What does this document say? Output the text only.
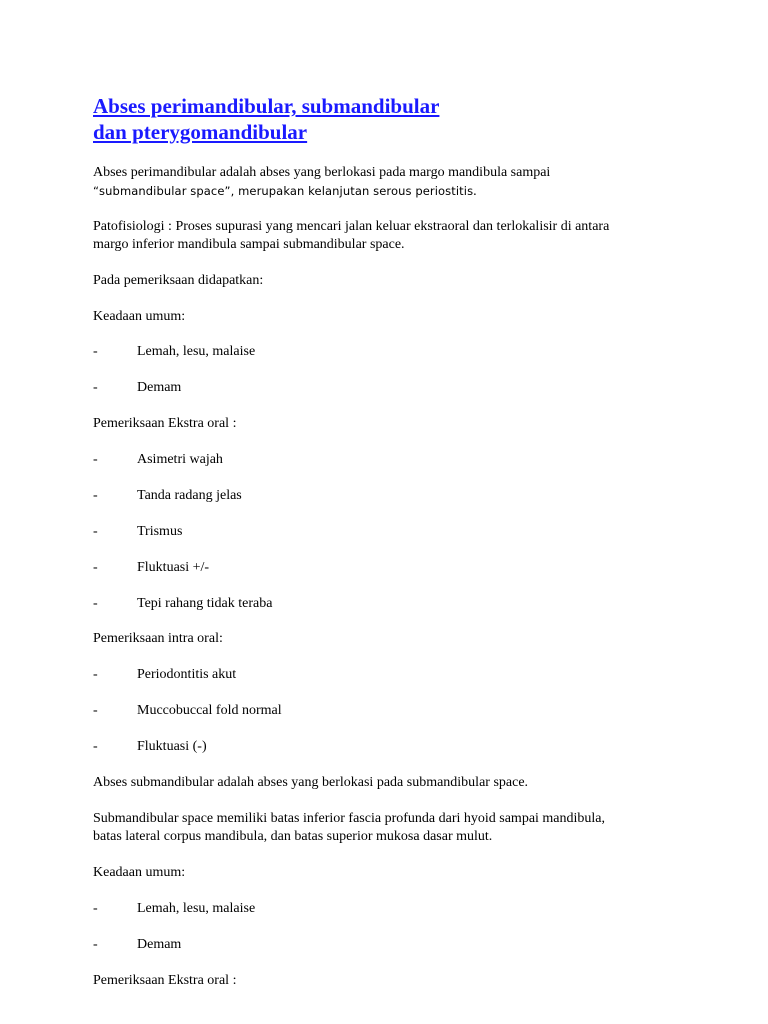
Abses perimandibular, submandibular
dan pterygomandibular

Abses perimandibular adalah abses yang berlokasi pada margo mandibula sampai
“submandibular space”, merupakan kelanjutan serous periostitis.

Patofisiologi : Proses supurasi yang mencari jalan keluar ekstraoral dan terlokalisir di antara
margo inferior mandibula sampai submandibular space.

Pada pemeriksaan didapatkan:

Keadaan umum:

-	Lemah, lesu, malaise
-	Demam

Pemeriksaan Ekstra oral :

-	Asimetri wajah
-	Tanda radang jelas
-	Trismus
-	Fluktuasi +/-
-	Tepi rahang tidak teraba

Pemeriksaan intra oral:

-	Periodontitis akut
-	Muccobuccal fold normal
-	Fluktuasi (-)

Abses submandibular adalah abses yang berlokasi pada submandibular space.

Submandibular space memiliki batas inferior fascia profunda dari hyoid sampai mandibula,
batas lateral corpus mandibula, dan batas superior mukosa dasar mulut.

Keadaan umum:

-	Lemah, lesu, malaise
-	Demam

Pemeriksaan Ekstra oral :
